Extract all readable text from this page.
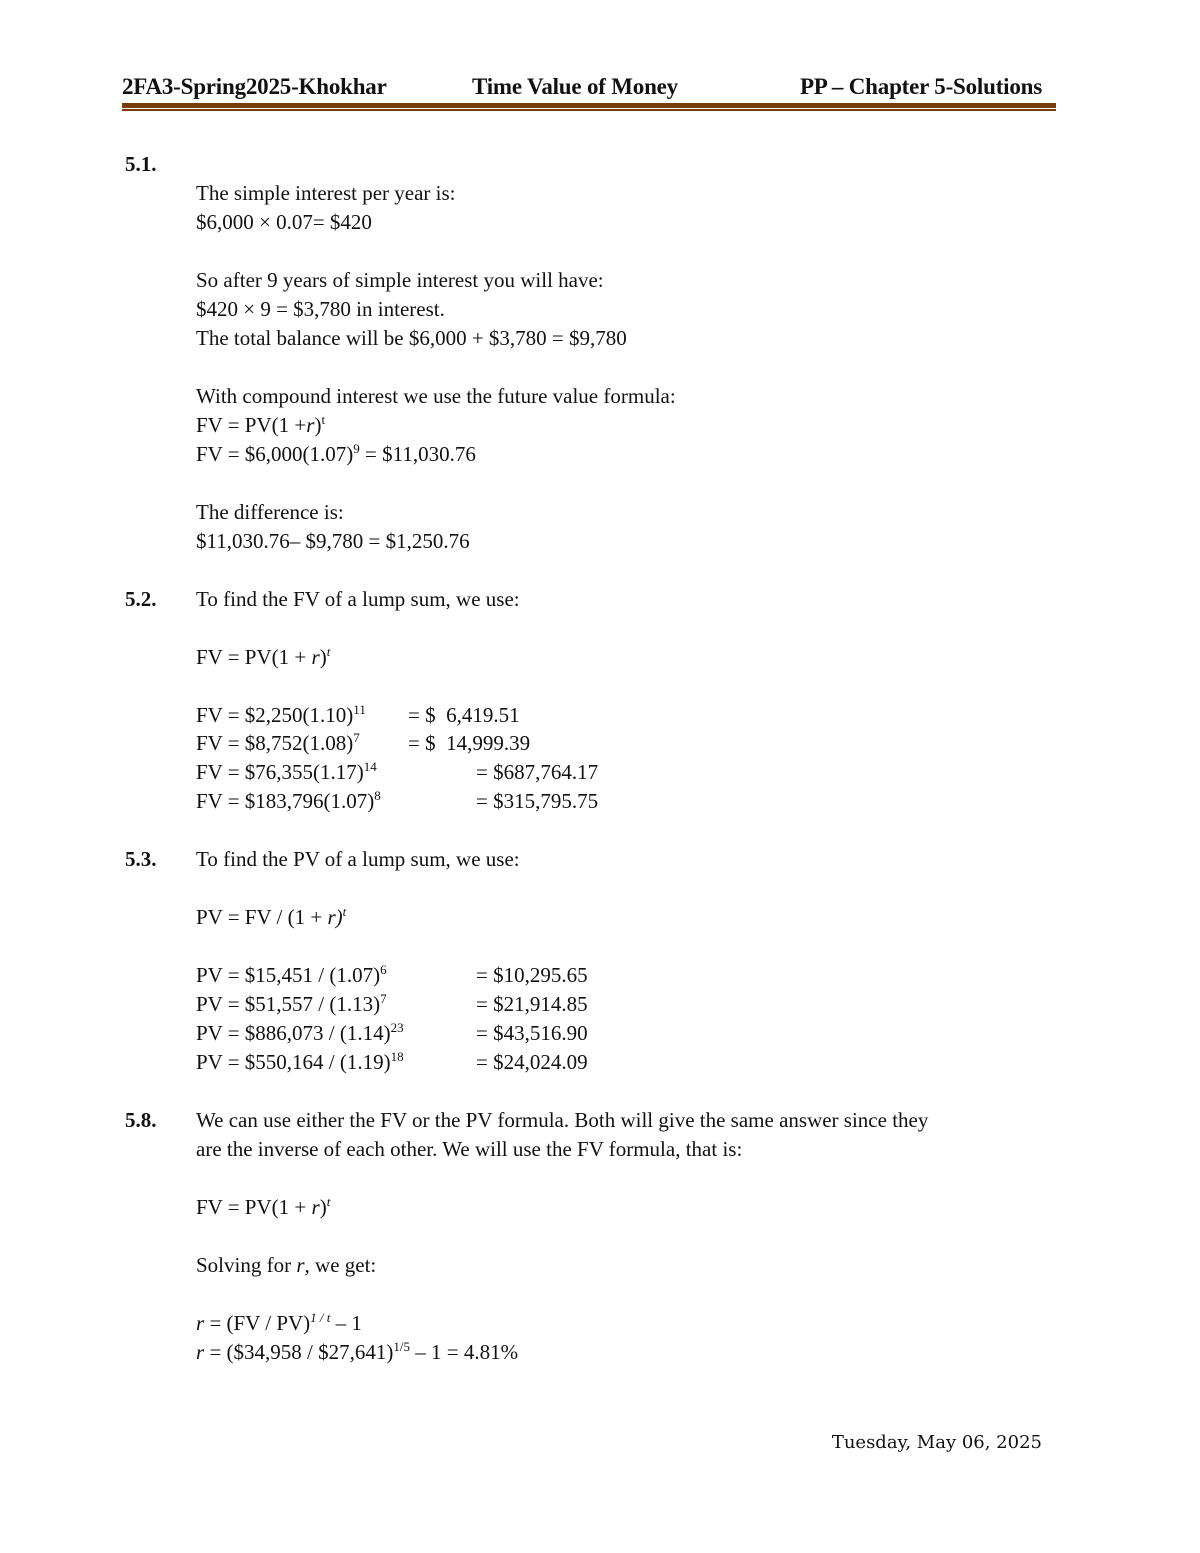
2FA3-Spring2025-Khokhar	Time Value of Money	PP – Chapter 5-Solutions
5.1.
The simple interest per year is:
$6,000 × 0.07= $420
So after 9 years of simple interest you will have:
$420 × 9 = $3,780 in interest.
The total balance will be $6,000 + $3,780 = $9,780
With compound interest we use the future value formula:
FV = $PV(1 +r)^t$
FV = $\$6,000(1.07)^9$ = $11,030.76
The difference is:
$11,030.76– $9,780 = $1,250.76
5.2. To find the FV of a lump sum, we use:
FV = $PV(1 + r)^t$
FV = $\$2,250(1.10)^{11}$ = $  6,419.51
FV = $\$8,752(1.08)^7$ = $  14,999.39
FV = $\$76,355(1.17)^{14}$	= $687,764.17
FV = $\$183,796(1.07)^8$	= $315,795.75
5.3. To find the PV of a lump sum, we use:
PV = FV / $(1 + r)^t$
PV = $15,451 / $(1.07)^6$	= $10,295.65
PV = $51,557 / $(1.13)^7$	= $21,914.85
PV = $886,073 / $(1.14)^{23}$	= $43,516.90
PV = $550,164 / $(1.19)^{18}$	= $24,024.09
5.8. We can use either the FV or the PV formula. Both will give the same answer since they
are the inverse of each other. We will use the FV formula, that is:
FV = $PV(1 + r)^t$
Solving for r, we get:
r = (FV / PV)$^{1 / t}$ – 1
r = ($34,958 / $27,641)$^{1/5}$ – 1 = 4.81%
Tuesday, May 06, 2025
